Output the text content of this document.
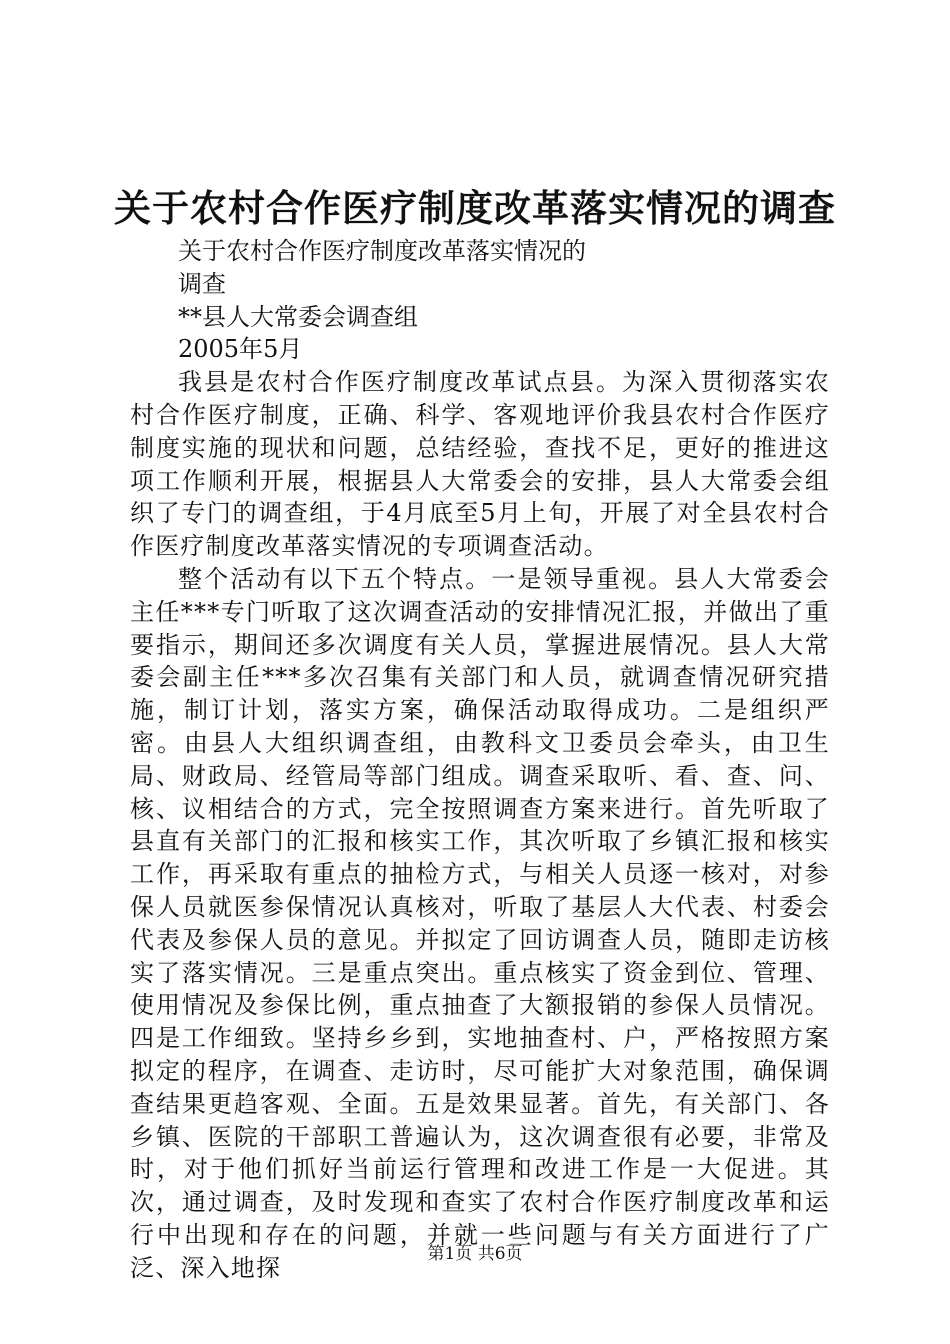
关于农村合作医疗制度改革落实情况的调查

关于农村合作医疗制度改革落实情况的

调查

**县人大常委会调查组

2005年5月

我县是农村合作医疗制度改革试点县。为深入贯彻落实农村合作医疗制度，正确、科学、客观地评价我县农村合作医疗制度实施的现状和问题，总结经验，查找不足，更好的推进这项工作顺利开展，根据县人大常委会的安排，县人大常委会组织了专门的调查组，于4月底至5月上旬，开展了对全县农村合作医疗制度改革落实情况的专项调查活动。

整个活动有以下五个特点。一是领导重视。县人大常委会主任***专门听取了这次调查活动的安排情况汇报，并做出了重要指示，期间还多次调度有关人员，掌握进展情况。县人大常委会副主任***多次召集有关部门和人员，就调查情况研究措施，制订计划，落实方案，确保活动取得成功。二是组织严密。由县人大组织调查组，由教科文卫委员会牵头，由卫生局、财政局、经管局等部门组成。调查采取听、看、查、问、核、议相结合的方式，完全按照调查方案来进行。首先听取了县直有关部门的汇报和核实工作，其次听取了乡镇汇报和核实工作，再采取有重点的抽检方式，与相关人员逐一核对，对参保人员就医参保情况认真核对，听取了基层人大代表、村委会代表及参保人员的意见。并拟定了回访调查人员，随即走访核实了落实情况。三是重点突出。重点核实了资金到位、管理、使用情况及参保比例，重点抽查了大额报销的参保人员情况。四是工作细致。坚持乡乡到，实地抽查村、户，严格按照方案拟定的程序，在调查、走访时，尽可能扩大对象范围，确保调查结果更趋客观、全面。五是效果显著。首先，有关部门、各乡镇、医院的干部职工普遍认为，这次调查很有必要，非常及时，对于他们抓好当前运行管理和改进工作是一大促进。其次，通过调查，及时发现和查实了农村合作医疗制度改革和运行中出现和存在的问题，并就一些问题与有关方面进行了广泛、深入地探	第1页 共6页
